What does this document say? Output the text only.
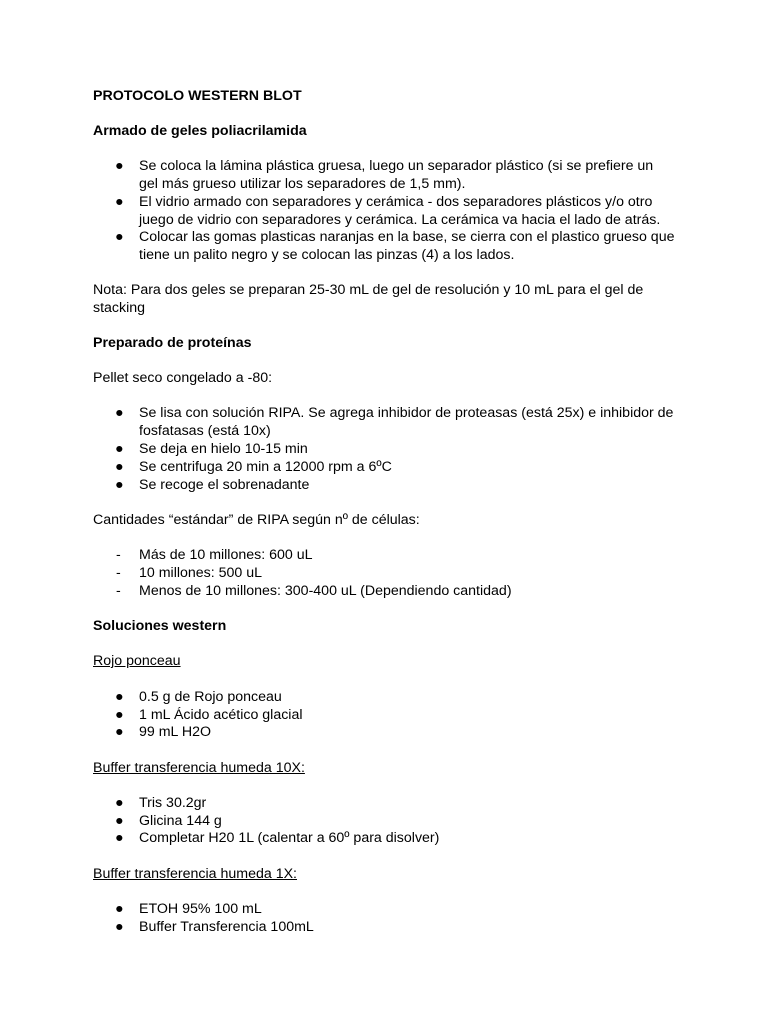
PROTOCOLO WESTERN BLOT
Armado de geles poliacrilamida
● Se coloca la lámina plástica gruesa, luego un separador plástico (si se prefiere un
gel más grueso utilizar los separadores de 1,5 mm).
● El vidrio armado con separadores y cerámica - dos separadores plásticos y/o otro
juego de vidrio con separadores y cerámica. La cerámica va hacia el lado de atrás.
● Colocar las gomas plasticas naranjas en la base, se cierra con el plastico grueso que
tiene un palito negro y se colocan las pinzas (4) a los lados.
Nota: Para dos geles se preparan 25-30 mL de gel de resolución y 10 mL para el gel de
stacking
Preparado de proteínas
Pellet seco congelado a -80:
● Se lisa con solución RIPA. Se agrega inhibidor de proteasas (está 25x) e inhibidor de
fosfatasas (está 10x)
● Se deja en hielo 10-15 min
● Se centrifuga 20 min a 12000 rpm a 6ºC
● Se recoge el sobrenadante
Cantidades “estándar” de RIPA según nº de células:
- Más de 10 millones: 600 uL
- 10 millones: 500 uL
- Menos de 10 millones: 300-400 uL (Dependiendo cantidad)
Soluciones western
Rojo ponceau
● 0.5 g de Rojo ponceau
● 1 mL Ácido acético glacial
● 99 mL H2O
Buffer transferencia humeda 10X:
● Tris 30.2gr
● Glicina 144 g
● Completar H20 1L (calentar a 60º para disolver)
Buffer transferencia humeda 1X:
● ETOH 95% 100 mL
● Buffer Transferencia 100mL
